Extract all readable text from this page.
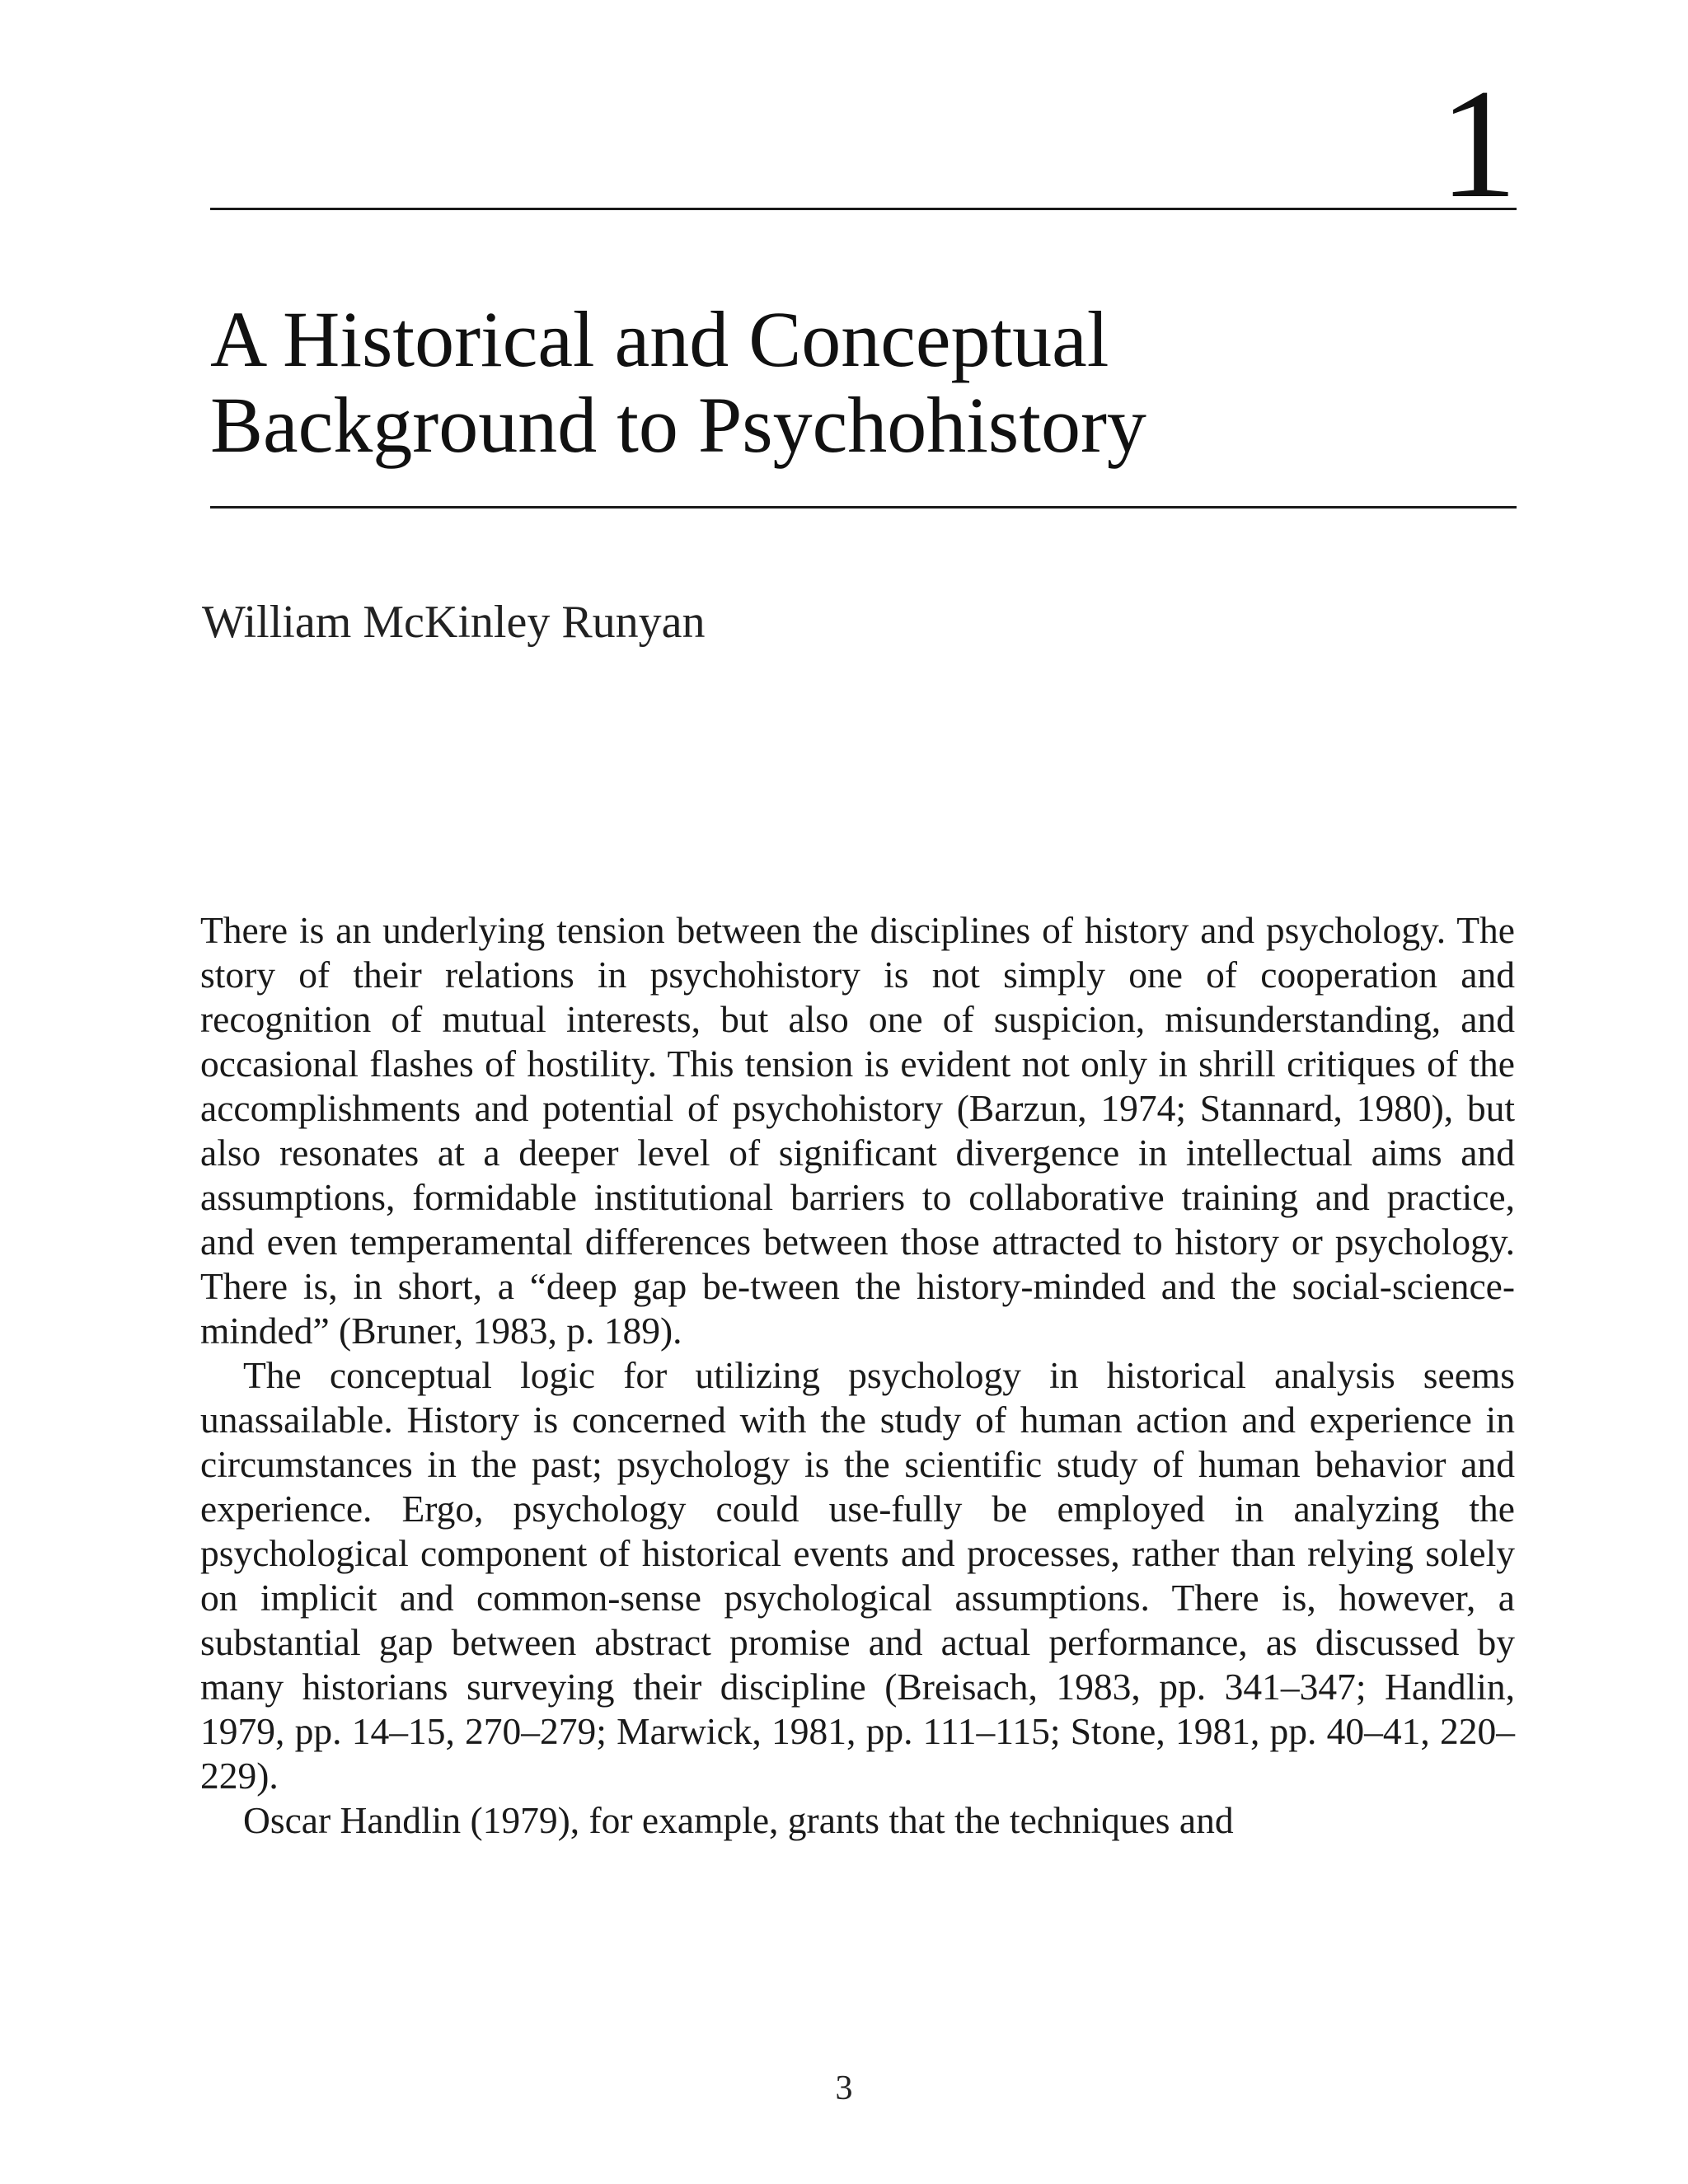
1
A Historical and Conceptual
Background to Psychohistory

William McKinley Runyan

There is an underlying tension between the disciplines of history and psychology. The story of their relations in psychohistory is not simply one of cooperation and recognition of mutual interests, but also one of suspicion, misunderstanding, and occasional flashes of hostility. This tension is evident not only in shrill critiques of the accomplishments and potential of psychohistory (Barzun, 1974; Stannard, 1980), but also resonates at a deeper level of significant divergence in intellectual aims and assumptions, formidable institutional barriers to collaborative training and practice, and even temperamental differences between those attracted to history or psychology. There is, in short, a “deep gap be-tween the history-minded and the social-science-minded” (Bruner, 1983, p. 189).

The conceptual logic for utilizing psychology in historical analysis seems unassailable. History is concerned with the study of human action and experience in circumstances in the past; psychology is the scientific study of human behavior and experience. Ergo, psychology could use-fully be employed in analyzing the psychological component of historical events and processes, rather than relying solely on implicit and common-sense psychological assumptions. There is, however, a substantial gap between abstract promise and actual performance, as discussed by many historians surveying their discipline (Breisach, 1983, pp. 341–347; Handlin, 1979, pp. 14–15, 270–279; Marwick, 1981, pp. 111–115; Stone, 1981, pp. 40–41, 220–229).

Oscar Handlin (1979), for example, grants that the techniques and

3
